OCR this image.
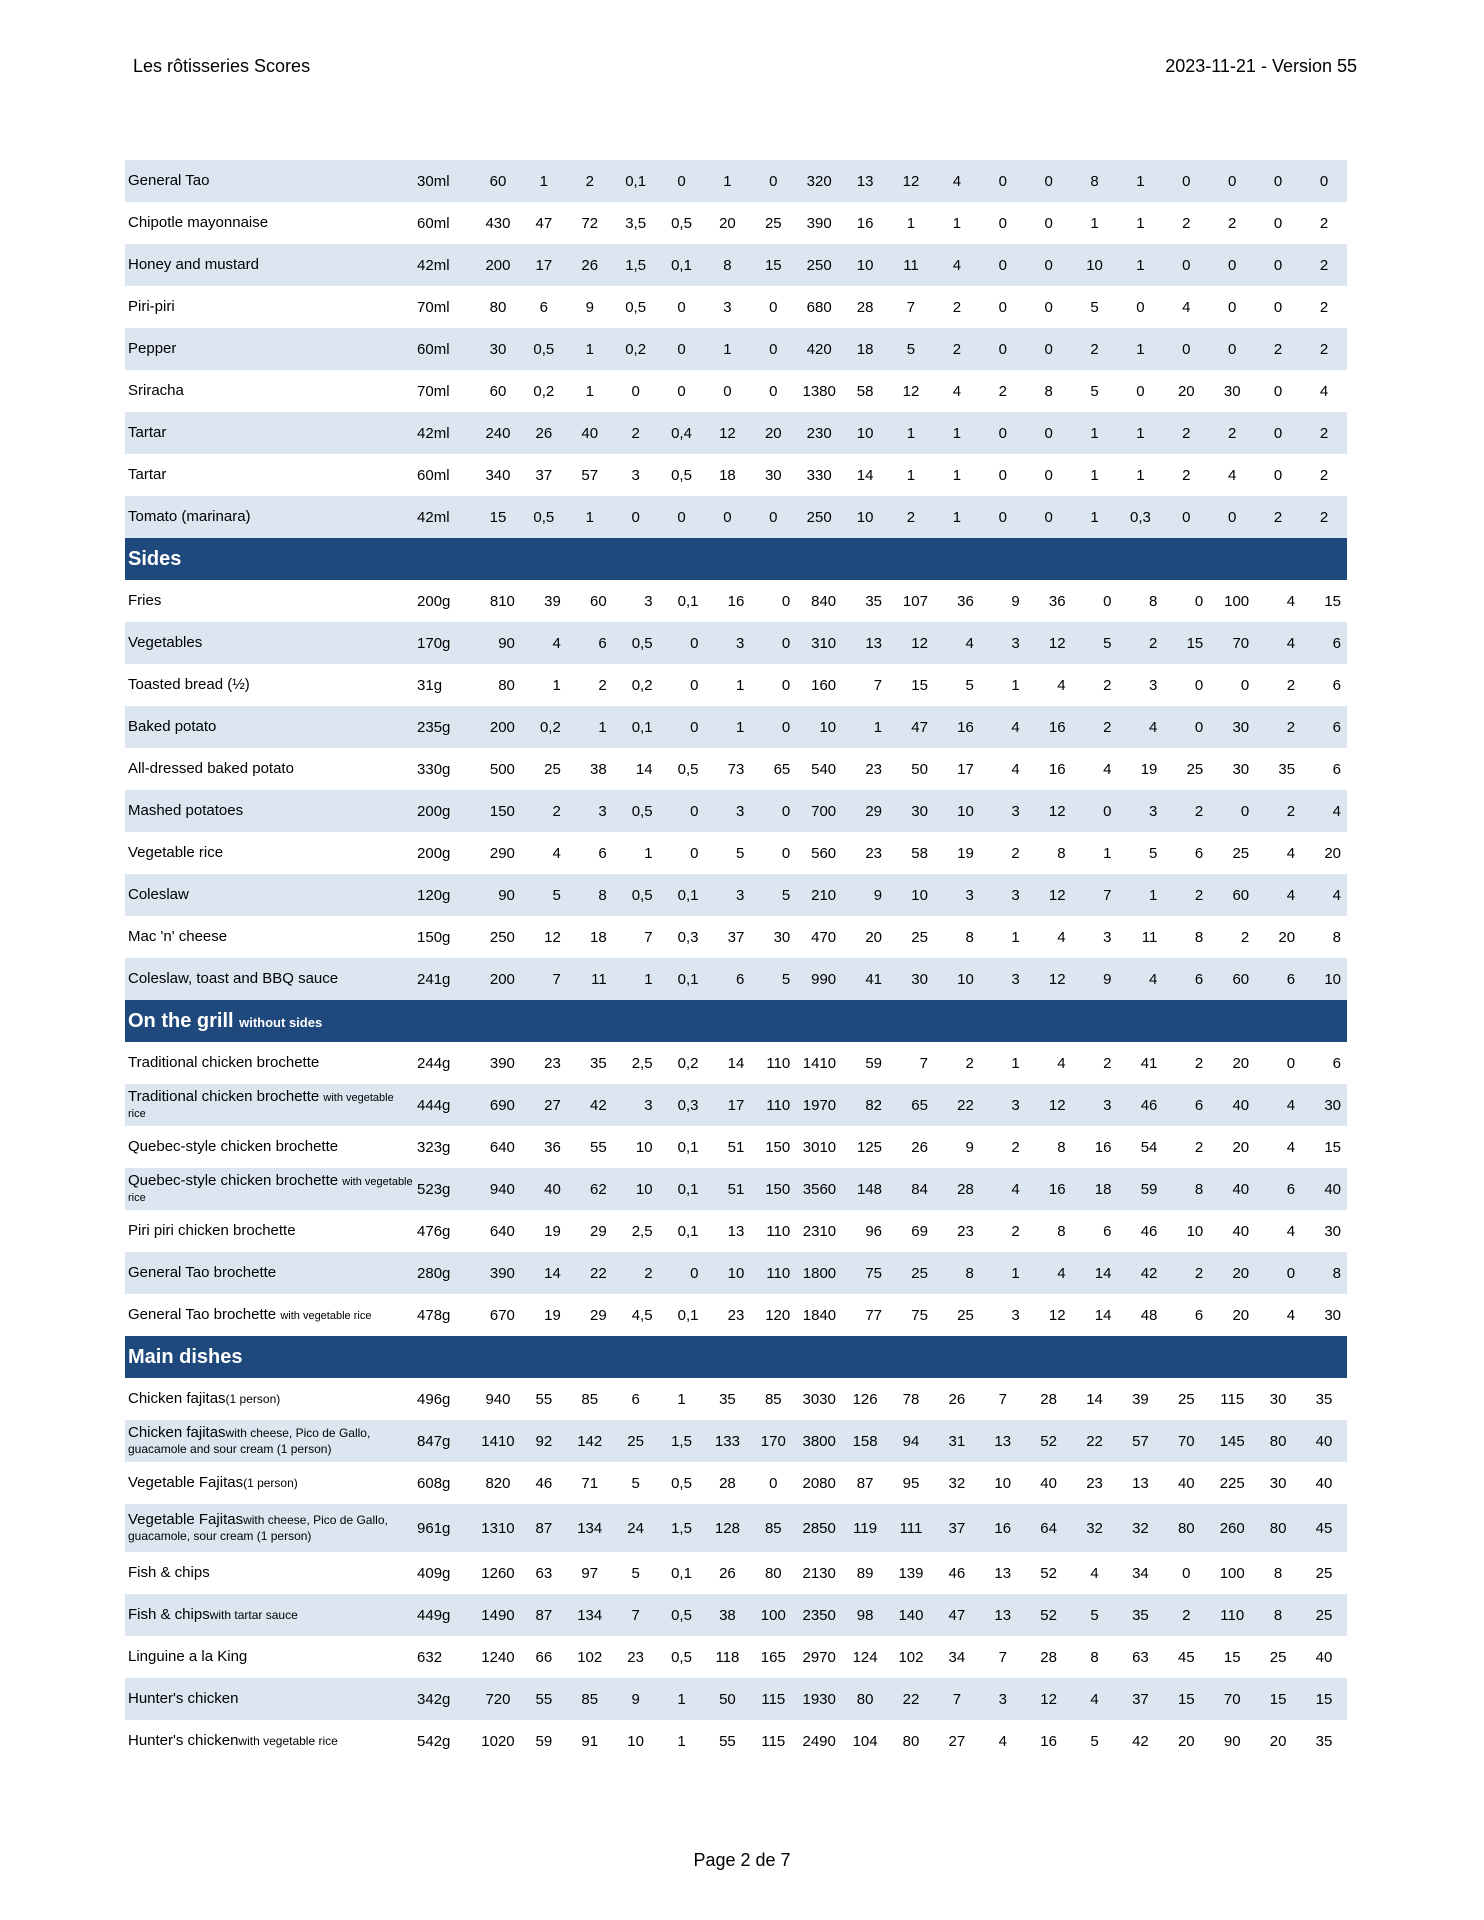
Les rôtisseries Scores	2023-11-21 - Version 55
General Tao	30ml	60	1	2	0,1	0	1	0	320	13	12	4	0	0	8	1	0	0	0	0
Chipotle mayonnaise	60ml	430	47	72	3,5	0,5	20	25	390	16	1	1	0	0	1	1	2	2	0	2
Honey and mustard	42ml	200	17	26	1,5	0,1	8	15	250	10	11	4	0	0	10	1	0	0	0	2
Piri-piri	70ml	80	6	9	0,5	0	3	0	680	28	7	2	0	0	5	0	4	0	0	2
Pepper	60ml	30	0,5	1	0,2	0	1	0	420	18	5	2	0	0	2	1	0	0	2	2
Sriracha	70ml	60	0,2	1	0	0	0	0	1380	58	12	4	2	8	5	0	20	30	0	4
Tartar	42ml	240	26	40	2	0,4	12	20	230	10	1	1	0	0	1	1	2	2	0	2
Tartar	60ml	340	37	57	3	0,5	18	30	330	14	1	1	0	0	1	1	2	4	0	2
Tomato (marinara)	42ml	15	0,5	1	0	0	0	0	250	10	2	1	0	0	1	0,3	0	0	2	2
Sides																				
Fries	200g	810	39	60	3	0,1	16	0	840	35	107	36	9	36	0	8	0	100	4	15
Vegetables	170g	90	4	6	0,5	0	3	0	310	13	12	4	3	12	5	2	15	70	4	6
Toasted bread (½)	31g	80	1	2	0,2	0	1	0	160	7	15	5	1	4	2	3	0	0	2	6
Baked potato	235g	200	0,2	1	0,1	0	1	0	10	1	47	16	4	16	2	4	0	30	2	6
All-dressed baked potato	330g	500	25	38	14	0,5	73	65	540	23	50	17	4	16	4	19	25	30	35	6
Mashed potatoes	200g	150	2	3	0,5	0	3	0	700	29	30	10	3	12	0	3	2	0	2	4
Vegetable rice	200g	290	4	6	1	0	5	0	560	23	58	19	2	8	1	5	6	25	4	20
Coleslaw	120g	90	5	8	0,5	0,1	3	5	210	9	10	3	3	12	7	1	2	60	4	4
Mac 'n' cheese	150g	250	12	18	7	0,3	37	30	470	20	25	8	1	4	3	11	8	2	20	8
Coleslaw, toast and BBQ sauce	241g	200	7	11	1	0,1	6	5	990	41	30	10	3	12	9	4	6	60	6	10
On the grill without sides																				
Traditional chicken brochette	244g	390	23	35	2,5	0,2	14	110	1410	59	7	2	1	4	2	41	2	20	0	6
Traditional chicken brochette with vegetable rice	444g	690	27	42	3	0,3	17	110	1970	82	65	22	3	12	3	46	6	40	4	30
Quebec-style chicken brochette	323g	640	36	55	10	0,1	51	150	3010	125	26	9	2	8	16	54	2	20	4	15
Quebec-style chicken brochette with vegetable rice	523g	940	40	62	10	0,1	51	150	3560	148	84	28	4	16	18	59	8	40	6	40
Piri piri chicken brochette	476g	640	19	29	2,5	0,1	13	110	2310	96	69	23	2	8	6	46	10	40	4	30
General Tao brochette	280g	390	14	22	2	0	10	110	1800	75	25	8	1	4	14	42	2	20	0	8
General Tao brochette with vegetable rice	478g	670	19	29	4,5	0,1	23	120	1840	77	75	25	3	12	14	48	6	20	4	30
Main dishes																				
Chicken fajitas(1 person)	496g	940	55	85	6	1	35	85	3030	126	78	26	7	28	14	39	25	115	30	35
Chicken fajitaswith cheese, Pico de Gallo, guacamole and sour cream (1 person)	847g	1410	92	142	25	1,5	133	170	3800	158	94	31	13	52	22	57	70	145	80	40
Vegetable Fajitas(1 person)	608g	820	46	71	5	0,5	28	0	2080	87	95	32	10	40	23	13	40	225	30	40
Vegetable Fajitaswith cheese, Pico de Gallo, guacamole, sour cream (1 person)	961g	1310	87	134	24	1,5	128	85	2850	119	111	37	16	64	32	32	80	260	80	45
Fish & chips	409g	1260	63	97	5	0,1	26	80	2130	89	139	46	13	52	4	34	0	100	8	25
Fish & chipswith tartar sauce	449g	1490	87	134	7	0,5	38	100	2350	98	140	47	13	52	5	35	2	110	8	25
Linguine a la King	632	1240	66	102	23	0,5	118	165	2970	124	102	34	7	28	8	63	45	15	25	40
Hunter's chicken	342g	720	55	85	9	1	50	115	1930	80	22	7	3	12	4	37	15	70	15	15
Hunter's chickenwith vegetable rice	542g	1020	59	91	10	1	55	115	2490	104	80	27	4	16	5	42	20	90	20	35
Page 2 de 7
